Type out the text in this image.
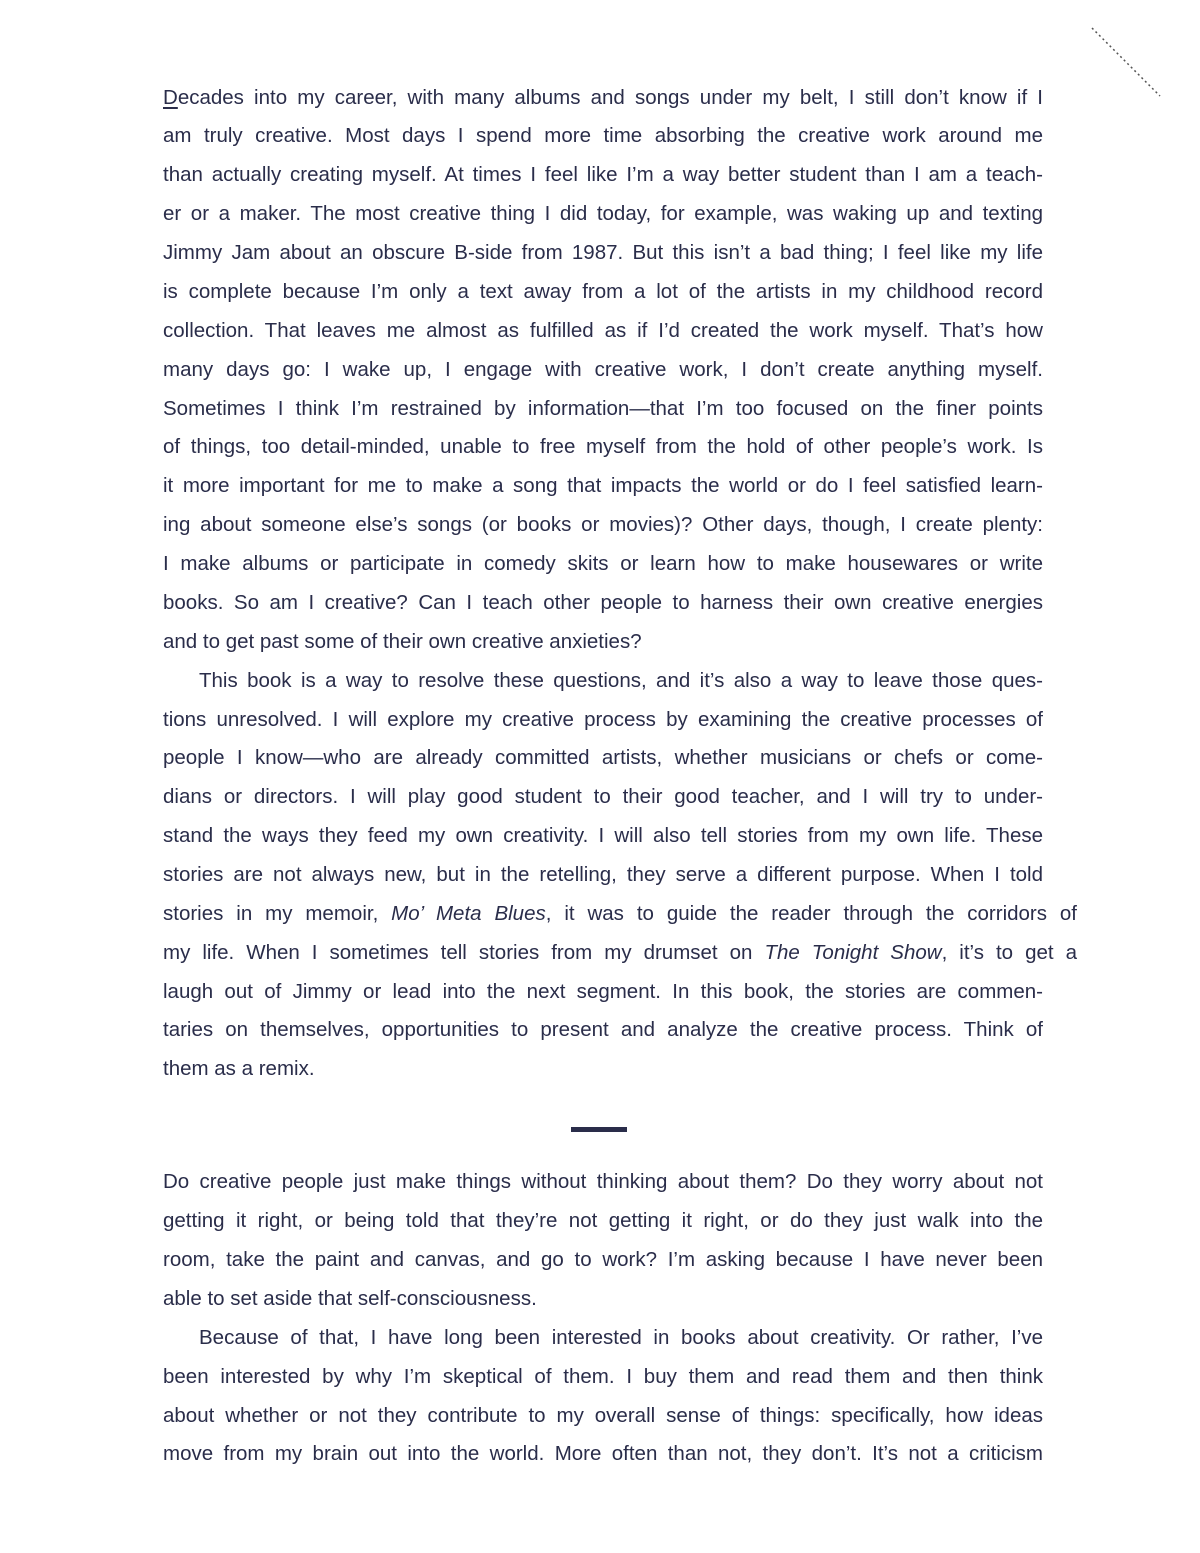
Decades into my career, with many albums and songs under my belt, I still don’t know if I
am truly creative. Most days I spend more time absorbing the creative work around me
than actually creating myself. At times I feel like I’m a way better student than I am a teach-
er or a maker. The most creative thing I did today, for example, was waking up and texting
Jimmy Jam about an obscure B-side from 1987. But this isn’t a bad thing; I feel like my life
is complete because I’m only a text away from a lot of the artists in my childhood record
collection. That leaves me almost as fulfilled as if I’d created the work myself. That’s how
many days go: I wake up, I engage with creative work, I don’t create anything myself.
Sometimes I think I’m restrained by information—that I’m too focused on the finer points
of things, too detail-minded, unable to free myself from the hold of other people’s work. Is
it more important for me to make a song that impacts the world or do I feel satisfied learn-
ing about someone else’s songs (or books or movies)? Other days, though, I create plenty:
I make albums or participate in comedy skits or learn how to make housewares or write
books. So am I creative? Can I teach other people to harness their own creative energies
and to get past some of their own creative anxieties?
This book is a way to resolve these questions, and it’s also a way to leave those ques-
tions unresolved. I will explore my creative process by examining the creative processes of
people I know—who are already committed artists, whether musicians or chefs or come-
dians or directors. I will play good student to their good teacher, and I will try to under-
stand the ways they feed my own creativity. I will also tell stories from my own life. These
stories are not always new, but in the retelling, they serve a different purpose. When I told
stories in my memoir, Mo’ Meta Blues, it was to guide the reader through the corridors of
my life. When I sometimes tell stories from my drumset on The Tonight Show, it’s to get a
laugh out of Jimmy or lead into the next segment. In this book, the stories are commen-
taries on themselves, opportunities to present and analyze the creative process. Think of
them as a remix.
Do creative people just make things without thinking about them? Do they worry about not
getting it right, or being told that they’re not getting it right, or do they just walk into the
room, take the paint and canvas, and go to work? I’m asking because I have never been
able to set aside that self-consciousness.
Because of that, I have long been interested in books about creativity. Or rather, I’ve
been interested by why I’m skeptical of them. I buy them and read them and then think
about whether or not they contribute to my overall sense of things: specifically, how ideas
move from my brain out into the world. More often than not, they don’t. It’s not a criticism
